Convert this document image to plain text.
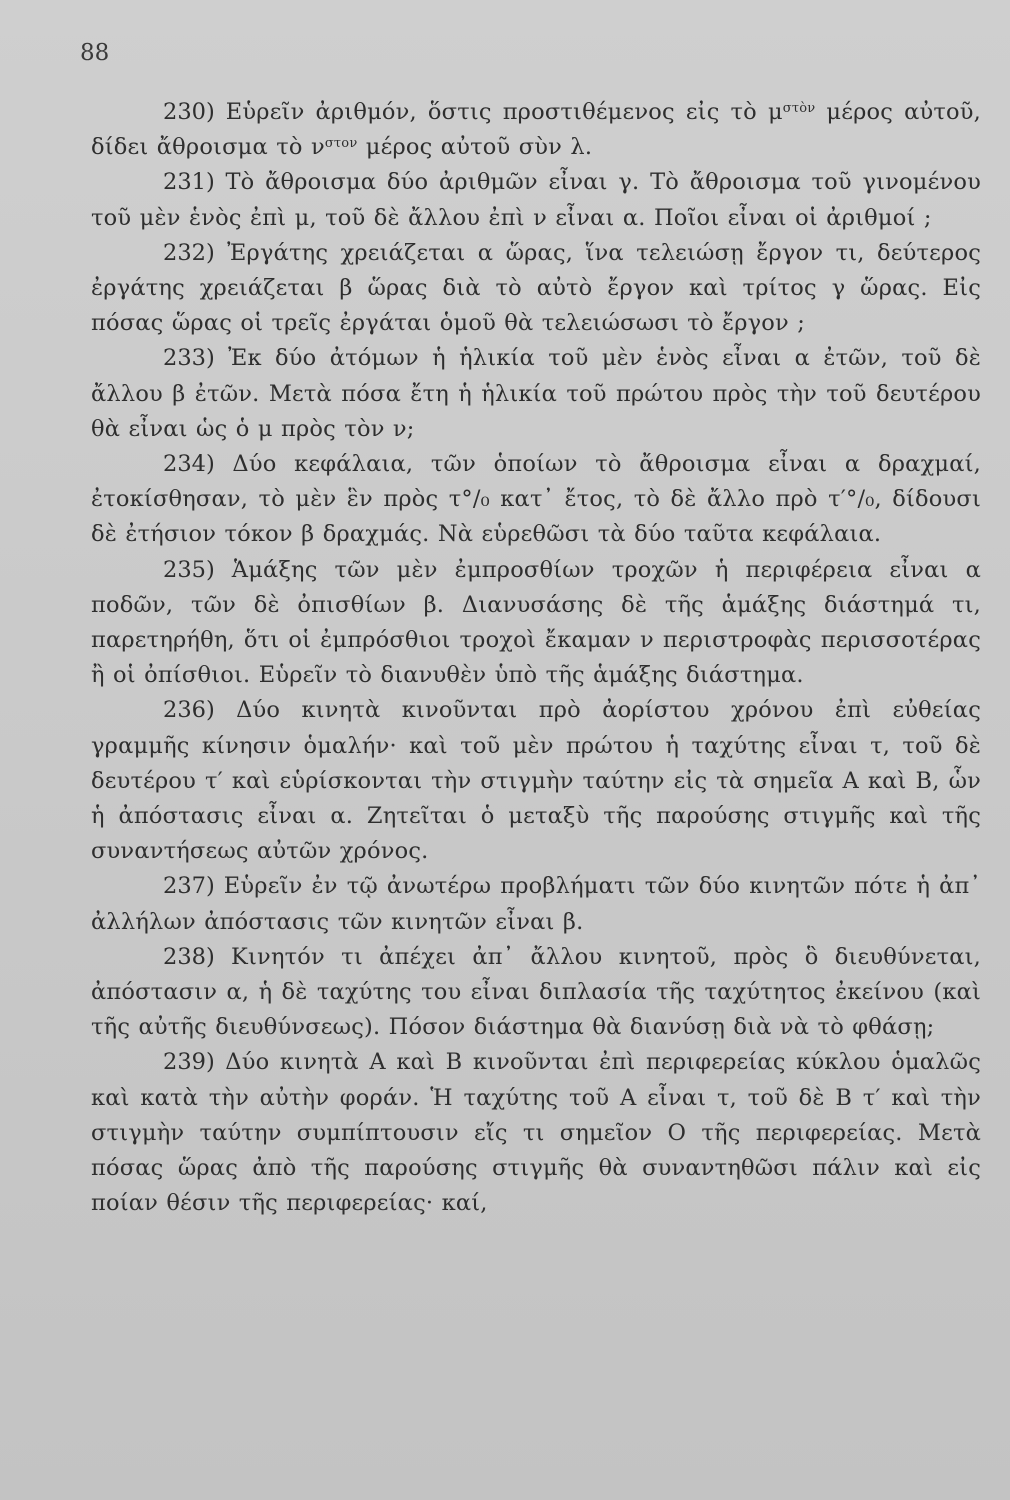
88

230) Εὑρεῖν ἀριθμόν, ὅστις προστιθέμενος εἰς τὸ $\mu^{\sigma\tau ὸ\nu}$ μέρος αὐτοῦ, δίδει ἄθροισμα τὸ $\nu^{\sigma\tau o\nu}$ μέρος αὐτοῦ σὺν λ.

231) Τὸ ἄθροισμα δύο ἀριθμῶν εἶναι γ. Τὸ ἄθροισμα τοῦ γινομένου τοῦ μὲν ἑνὸς ἐπὶ μ, τοῦ δὲ ἄλλου ἐπὶ ν εἶναι α. Ποῖοι εἶναι οἱ ἀριθμοί ;

232) Ἐργάτης χρειάζεται α ὥρας, ἵνα τελειώσῃ ἔργον τι, δεύτερος ἐργάτης χρειάζεται β ὥρας διὰ τὸ αὐτὸ ἔργον καὶ τρίτος γ ὥρας. Εἰς πόσας ὥρας οἱ τρεῖς ἐργάται ὁμοῦ θὰ τελειώσωσι τὸ ἔργον ;

233) Ἐκ δύο ἀτόμων ἡ ἡλικία τοῦ μὲν ἑνὸς εἶναι α ἐτῶν, τοῦ δὲ ἄλλου β ἐτῶν. Μετὰ πόσα ἔτη ἡ ἡλικία τοῦ πρώτου πρὸς τὴν τοῦ δευτέρου θὰ εἶναι ὡς ὁ μ πρὸς τὸν ν;

234) Δύο κεφάλαια, τῶν ὁποίων τὸ ἄθροισμα εἶναι α δραχμαί, ἐτοκίσθησαν, τὸ μὲν ἓν πρὸς τ°/₀ κατ᾽ ἔτος, τὸ δὲ ἄλλο πρὸ τ′°/₀, δίδουσι δὲ ἐτήσιον τόκον β δραχμάς. Νὰ εὑρεθῶσι τὰ δύο ταῦτα κεφάλαια.

235) Ἁμάξης τῶν μὲν ἐμπροσθίων τροχῶν ἡ περιφέρεια εἶναι α ποδῶν, τῶν δὲ ὀπισθίων β. Διανυσάσης δὲ τῆς ἁμάξης διάστημά τι, παρετηρήθη, ὅτι οἱ ἐμπρόσθιοι τροχοὶ ἔκαμαν ν περιστροφὰς περισσοτέρας ἢ οἱ ὀπίσθιοι. Εὑρεῖν τὸ διανυθὲν ὑπὸ τῆς ἁμάξης διάστημα.

236) Δύο κινητὰ κινοῦνται πρὸ ἀορίστου χρόνου ἐπὶ εὐθείας γραμμῆς κίνησιν ὁμαλήν· καὶ τοῦ μὲν πρώτου ἡ ταχύτης εἶναι τ, τοῦ δὲ δευτέρου τ′ καὶ εὑρίσκονται τὴν στιγμὴν ταύτην εἰς τὰ σημεῖα Α καὶ Β, ὧν ἡ ἀπόστασις εἶναι α. Ζητεῖται ὁ μεταξὺ τῆς παρούσης στιγμῆς καὶ τῆς συναντήσεως αὐτῶν χρόνος.

237) Εὑρεῖν ἐν τῷ ἀνωτέρω προβλήματι τῶν δύο κινητῶν πότε ἡ ἀπ᾽ ἀλλήλων ἀπόστασις τῶν κινητῶν εἶναι β.

238) Κινητόν τι ἀπέχει ἀπ᾽ ἄλλου κινητοῦ, πρὸς ὃ διευθύνεται, ἀπόστασιν α, ἡ δὲ ταχύτης του εἶναι διπλασία τῆς ταχύτητος ἐκείνου (καὶ τῆς αὐτῆς διευθύνσεως). Πόσον διάστημα θὰ διανύσῃ διὰ νὰ τὸ φθάσῃ;

239) Δύο κινητὰ Α καὶ Β κινοῦνται ἐπὶ περιφερείας κύκλου ὁμαλῶς καὶ κατὰ τὴν αὐτὴν φοράν. Ἡ ταχύτης τοῦ Α εἶναι τ, τοῦ δὲ Β τ′ καὶ τὴν στιγμὴν ταύτην συμπίπτουσιν εἴς τι σημεῖον Ο τῆς περιφερείας. Μετὰ πόσας ὥρας ἀπὸ τῆς παρούσης στιγμῆς θὰ συναντηθῶσι πάλιν καὶ εἰς ποίαν θέσιν τῆς περιφερείας· καί,
